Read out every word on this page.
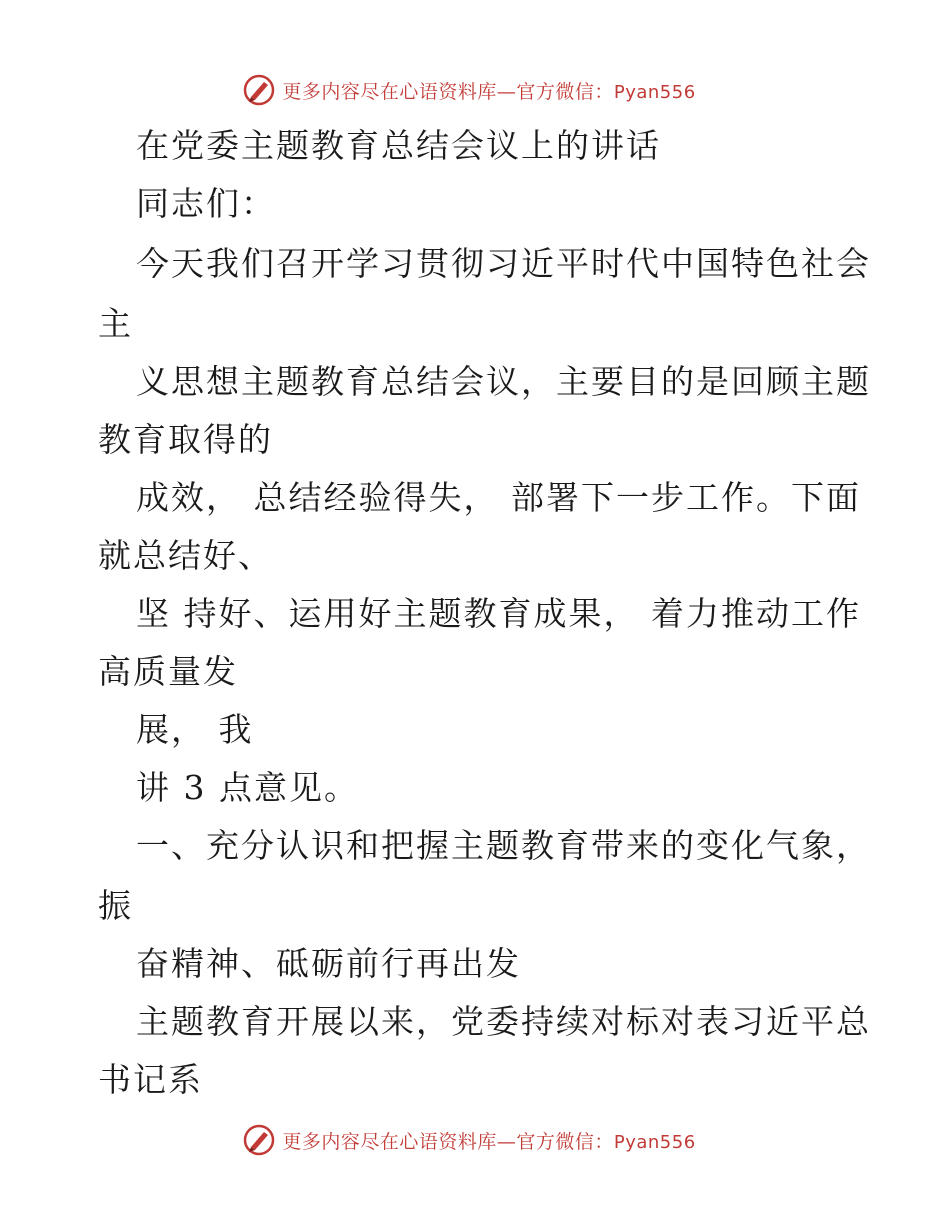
更多内容尽在心语资料库—官方微信：Pyan556
在党委主题教育总结会议上的讲话
同志们：
今天我们召开学习贯彻习近平时代中国特色社会
主
义思想主题教育总结会议，主要目的是回顾主题
教育取得的
成效， 总结经验得失， 部署下一步工作。下面
就总结好、
坚 持好、运用好主题教育成果， 着力推动工作
高质量发
展， 我
讲 3 点意见。
一、充分认识和把握主题教育带来的变化气象，
振
奋精神、砥砺前行再出发
主题教育开展以来，党委持续对标对表习近平总
书记系
更多内容尽在心语资料库—官方微信：Pyan556
